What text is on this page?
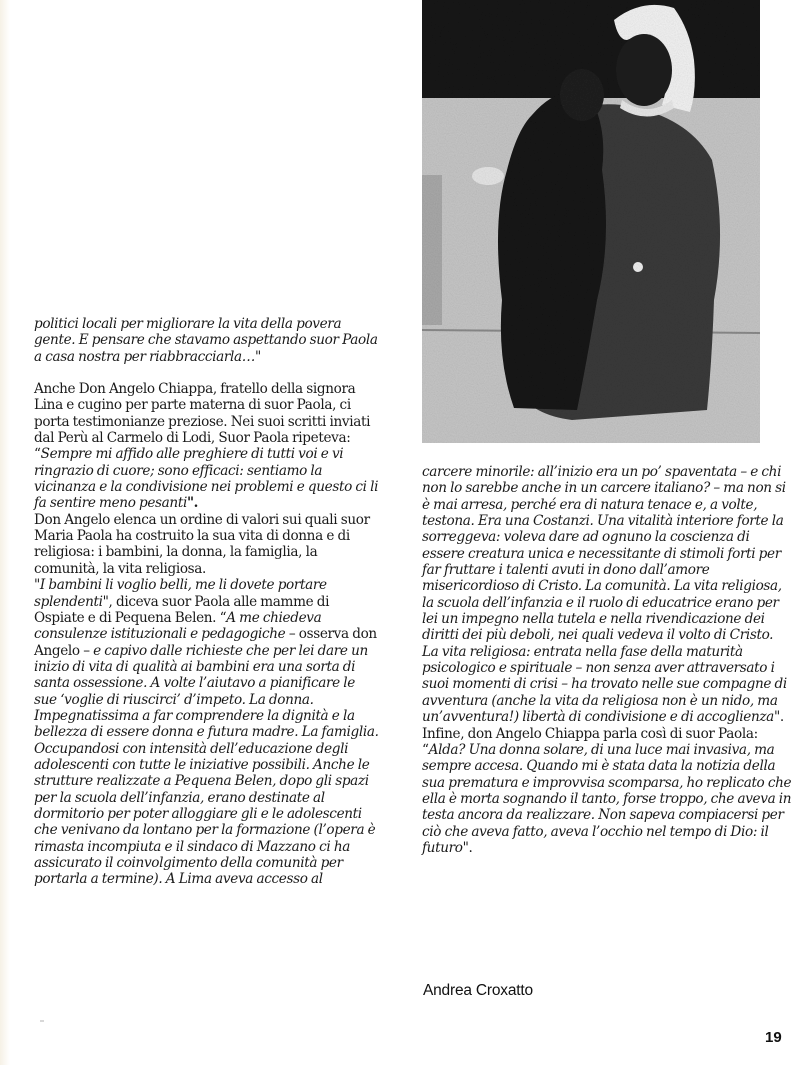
politici locali per migliorare la vita della povera gente. E pensare che stavamo aspettando suor Paola a casa nostra per riabbracciarla…"

Anche Don Angelo Chiappa, fratello della signora Lina e cugino per parte materna di suor Paola, ci porta testimonianze preziose. Nei suoi scritti inviati dal Perù al Carmelo di Lodi, Suor Paola ripeteva: “Sempre mi affido alle preghiere di tutti voi e vi ringrazio di cuore; sono efficaci: sentiamo la vicinanza e la condivisione nei problemi e questo ci li fa sentire meno pesanti".

Don Angelo elenca un ordine di valori sui quali suor Maria Paola ha costruito la sua vita di donna e di religiosa: i bambini, la donna, la famiglia, la comunità, la vita religiosa.

"I bambini li voglio belli, me li dovete portare splendenti", diceva suor Paola alle mamme di Ospiate e di Pequena Belen. “A me chiedeva consulenze istituzionali e pedagogiche – osserva don Angelo – e capivo dalle richieste che per lei dare un inizio di vita di qualità ai bambini era una sorta di santa ossessione. A volte l’aiutavo a pianificare le sue ‘voglie di riuscirci’ d’impeto. La donna. Impegnatissima a far comprendere la dignità e la bellezza di essere donna e futura madre. La famiglia. Occupandosi con intensità dell’educazione degli adolescenti con tutte le iniziative possibili. Anche le strutture realizzate a Pequena Belen, dopo gli spazi per la scuola dell’infanzia, erano destinate al dormitorio per poter alloggiare gli e le adolescenti che venivano da lontano per la formazione (l’opera è rimasta incompiuta e il sindaco di Mazzano ci ha assicurato il coinvolgimento della comunità per portarla a termine). A Lima aveva accesso al

carcere minorile: all’inizio era un po’ spaventata – e chi non lo sarebbe anche in un carcere italiano? – ma non si è mai arresa, perché era di natura tenace e, a volte, testona. Era una Costanzi. Una vitalità interiore forte la sorreggeva: voleva dare ad ognuno la coscienza di essere creatura unica e necessitante di stimoli forti per far fruttare i talenti avuti in dono dall’amore misericordioso di Cristo. La comunità. La vita religiosa, la scuola dell’infanzia e il ruolo di educatrice erano per lei un impegno nella tutela e nella rivendicazione dei diritti dei più deboli, nei quali vedeva il volto di Cristo.

La vita religiosa: entrata nella fase della maturità psicologico e spirituale – non senza aver attraversato i suoi momenti di crisi – ha trovato nelle sue compagne di avventura (anche la vita da religiosa non è un nido, ma un’avventura!) libertà di condivisione e di accoglienza".

Infine, don Angelo Chiappa parla così di suor Paola: “Alda? Una donna solare, di una luce mai invasiva, ma sempre accesa. Quando mi è stata data la notizia della sua prematura e improvvisa scomparsa, ho replicato che ella è morta sognando il tanto, forse troppo, che aveva in testa ancora da realizzare. Non sapeva compiacersi per ciò che aveva fatto, aveva l’occhio nel tempo di Dio: il futuro".

Andrea Croxatto
19
